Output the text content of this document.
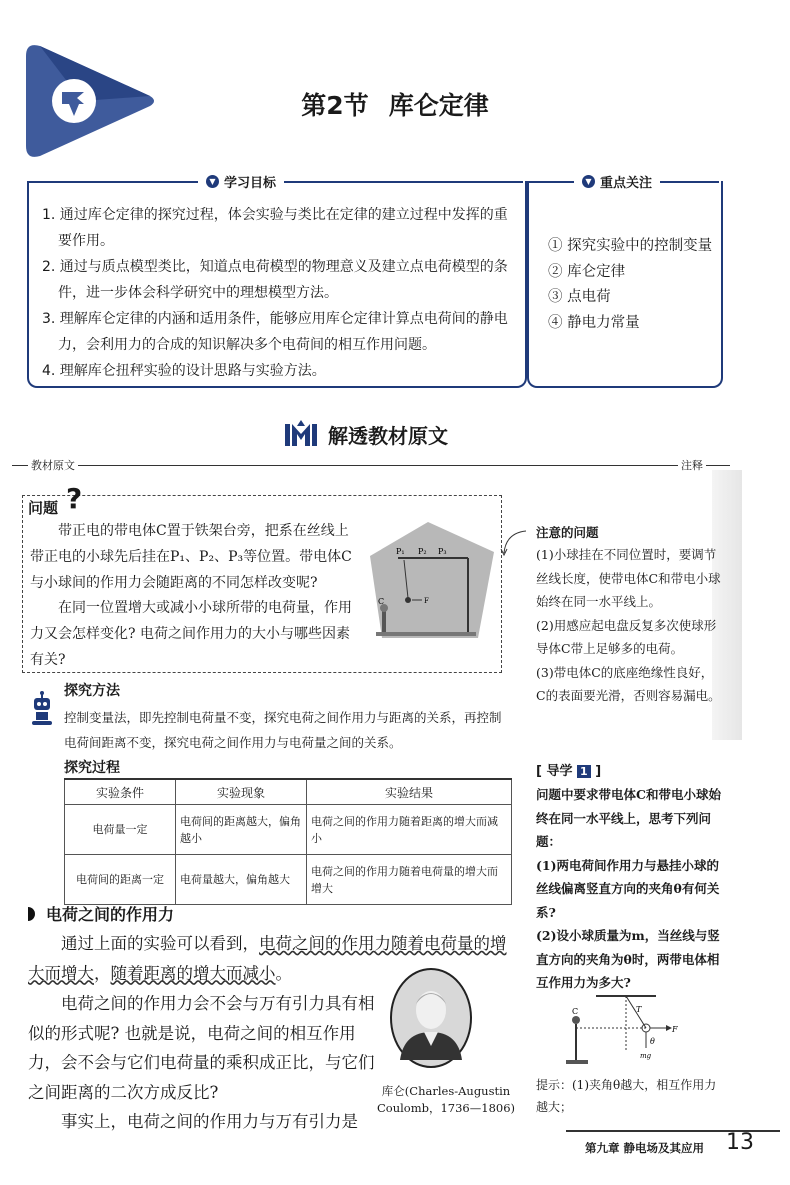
第2节 库仑定律
▼ 学习目标	▼ 重点关注
1. 通过库仑定律的探究过程，体会实验与类比在定律的建立过程中发挥的重要作用。
2. 通过与质点模型类比，知道点电荷模型的物理意义及建立点电荷模型的条件，进一步体会科学研究中的理想模型方法。
3. 理解库仑定律的内涵和适用条件，能够应用库仑定律计算点电荷间的静电力，会利用力的合成的知识解决多个电荷间的相互作用问题。
4. 理解库仑扭秤实验的设计思路与实验方法。
① 探究实验中的控制变量
② 库仑定律
③ 点电荷
④ 静电力常量
解透教材原文
教材原文	注释
问题 ?
带正电的带电体C置于铁架台旁，把系在丝线上带正电的小球先后挂在P₁、P₂、P₃等位置。带电体C与小球间的作用力会随距离的不同怎样改变呢?
在同一位置增大或减小小球所带的电荷量，作用力又会怎样变化? 电荷之间作用力的大小与哪些因素有关?
P₁ P₂ P₃
C	F
探究方法
控制变量法，即先控制电荷量不变，探究电荷之间作用力与距离的关系，再控制电荷间距离不变，探究电荷之间作用力与电荷量之间的关系。
探究过程
实验条件	实验现象	实验结果
电荷量一定	电荷间的距离越大，偏角越小	电荷之间的作用力随着距离的增大而减小
电荷间的距离一定	电荷量越大，偏角越大	电荷之间的作用力随着电荷量的增大而增大
电荷之间的作用力
通过上面的实验可以看到，电荷之间的作用力随着电荷量的增大而增大，随着距离的增大而减小。
电荷之间的作用力会不会与万有引力具有相似的形式呢? 也就是说，电荷之间的相互作用力，会不会与它们电荷量的乘积成正比，与它们之间距离的二次方成反比?
事实上，电荷之间的作用力与万有引力是
库仑(Charles-Augustin
Coulomb，1736—1806)
注意的问题
(1)小球挂在不同位置时，要调节丝线长度，使带电体C和带电小球始终在同一水平线上。
(2)用感应起电盘反复多次使球形导体C带上足够多的电荷。
(3)带电体C的底座绝缘性良好，C的表面要光滑，否则容易漏电。
[ 导学 1 ]
问题中要求带电体C和带电小球始终在同一水平线上，思考下列问题：
(1)两电荷间作用力与悬挂小球的丝线偏离竖直方向的夹角θ有何关系?
(2)设小球质量为m，当丝线与竖直方向的夹角为θ时，两带电体相互作用力为多大?
C	T
F
θ
mg
提示：(1)夹角θ越大，相互作用力越大；
第九章 静电场及其应用 13
